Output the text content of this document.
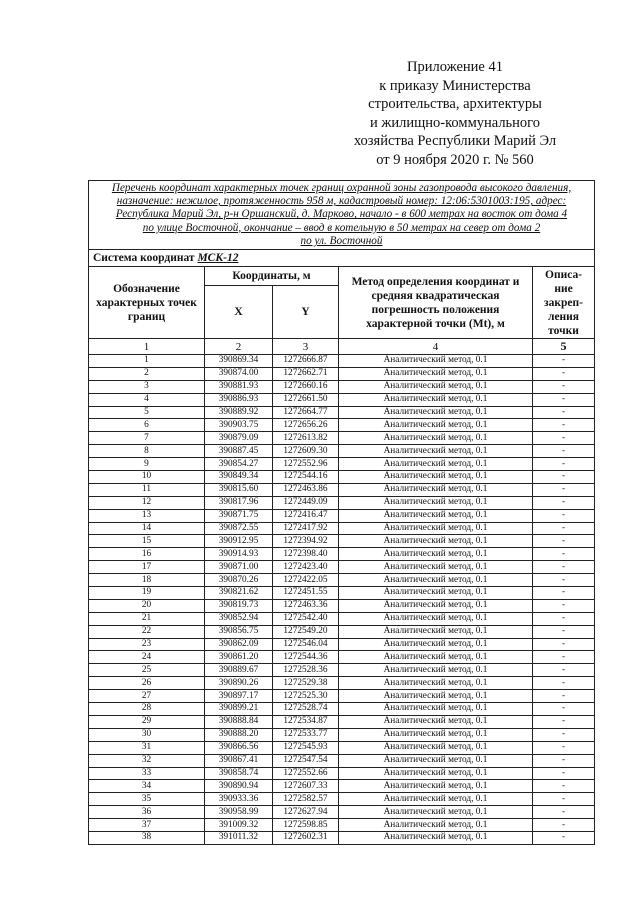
Приложение 41
к приказу Министерства
строительства, архитектуры
и жилищно-коммунального
хозяйства Республики Марий Эл
от 9 ноября 2020 г. № 560
Перечень координат характерных точек границ охранной зоны газопровода высокого давления,
назначение: нежилое, протяженность 958 м, кадастровый номер: 12:06:5301003:195, адрес:
Республика Марий Эл, р-н Оршанский, д. Марково, начало - в 600 метрах на восток от дома 4
по улице Восточной, окончание – ввод в котельную в 50 метрах на север от дома 2
по ул. Восточной				

Система координат МСК-12				
Обозначение характерных точек границ	Координаты, м		Метод определения координат и средняя квадратическая погрешность положения характерной точки (Mt), м	Описа-ние закреп-ления точки
	X	Y		
1	2	3	4	5
1	390869.34	1272666.87	Аналитический метод, 0.1	-
2	390874.00	1272662.71	Аналитический метод, 0.1	-
3	390881.93	1272660.16	Аналитический метод, 0.1	-
4	390886.93	1272661.50	Аналитический метод, 0.1	-
5	390889.92	1272664.77	Аналитический метод, 0.1	-
6	390903.75	1272656.26	Аналитический метод, 0.1	-
7	390879.09	1272613.82	Аналитический метод, 0.1	-
8	390887.45	1272609.30	Аналитический метод, 0.1	-
9	390854.27	1272552.96	Аналитический метод, 0.1	-
10	390849.34	1272544.16	Аналитический метод, 0.1	-
11	390815.60	1272463.86	Аналитический метод, 0.1	-
12	390817.96	1272449.09	Аналитический метод, 0.1	-
13	390871.75	1272416.47	Аналитический метод, 0.1	-
14	390872.55	1272417.92	Аналитический метод, 0.1	-
15	390912.95	1272394.92	Аналитический метод, 0.1	-
16	390914.93	1272398.40	Аналитический метод, 0.1	-
17	390871.00	1272423.40	Аналитический метод, 0.1	-
18	390870.26	1272422.05	Аналитический метод, 0.1	-
19	390821.62	1272451.55	Аналитический метод, 0.1	-
20	390819.73	1272463.36	Аналитический метод, 0.1	-
21	390852.94	1272542.40	Аналитический метод, 0.1	-
22	390856.75	1272549.20	Аналитический метод, 0.1	-
23	390862.09	1272546.04	Аналитический метод, 0.1	-
24	390861.20	1272544.36	Аналитический метод, 0.1	-
25	390889.67	1272528.36	Аналитический метод, 0.1	-
26	390890.26	1272529.38	Аналитический метод, 0.1	-
27	390897.17	1272525.30	Аналитический метод, 0.1	-
28	390899.21	1272528.74	Аналитический метод, 0.1	-
29	390888.84	1272534.87	Аналитический метод, 0.1	-
30	390888.20	1272533.77	Аналитический метод, 0.1	-
31	390866.56	1272545.93	Аналитический метод, 0.1	-
32	390867.41	1272547.54	Аналитический метод, 0.1	-
33	390858.74	1272552.66	Аналитический метод, 0.1	-
34	390890.94	1272607.33	Аналитический метод, 0.1	-
35	390933.36	1272582.57	Аналитический метод, 0.1	-
36	390958.99	1272627.94	Аналитический метод, 0.1	-
37	391009.32	1272598.85	Аналитический метод, 0.1	-
38	391011.32	1272602.31	Аналитический метод, 0.1	-
